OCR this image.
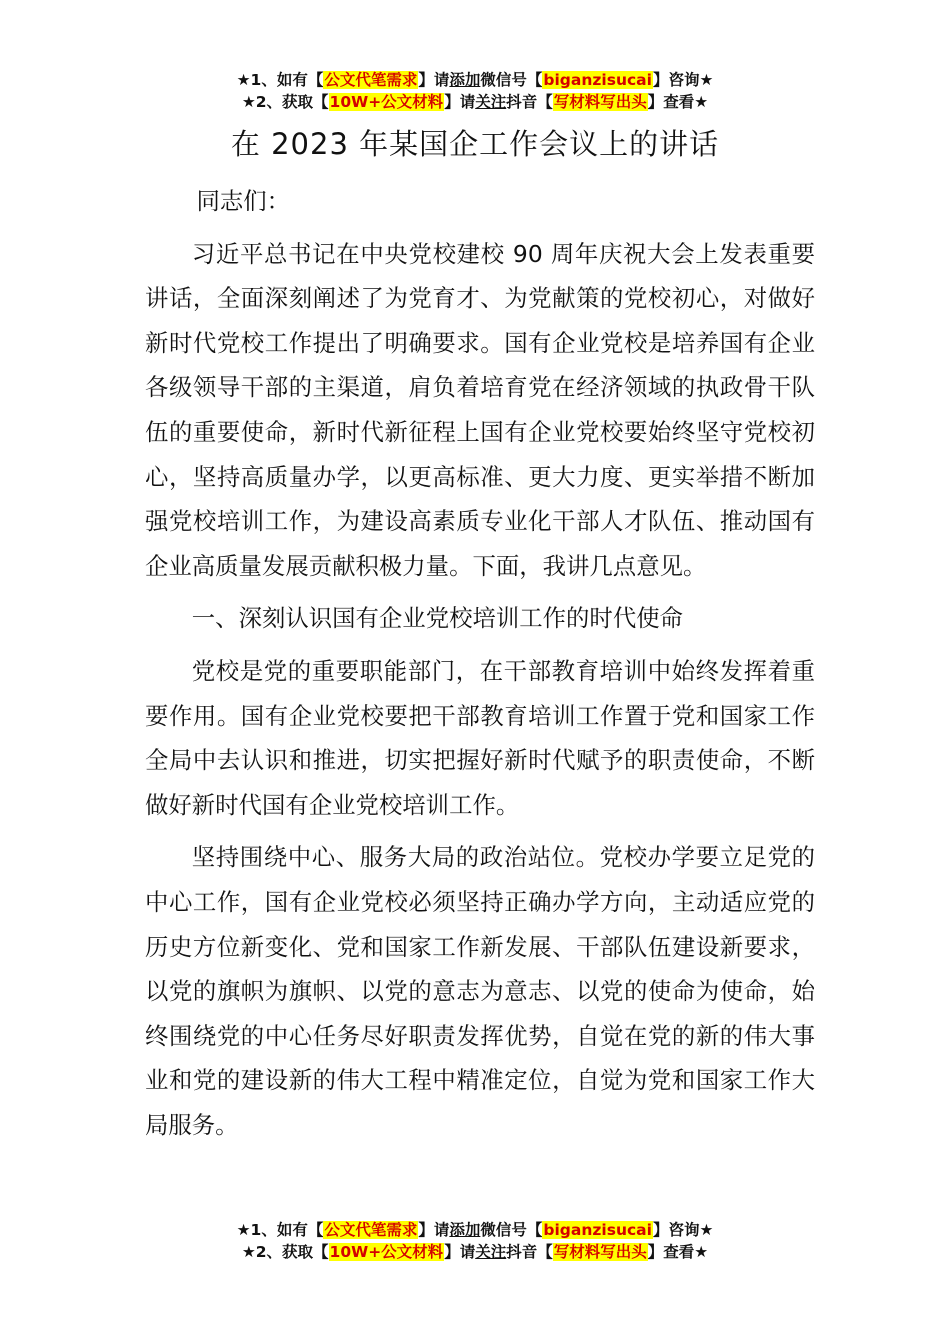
★1、如有【公文代笔需求】请添加微信号【biganzisucai】咨询★
★2、获取【10W+公文材料】请关注抖音【写材料写出头】查看★
在 2023 年某国企工作会议上的讲话

同志们：

习近平总书记在中央党校建校 90 周年庆祝大会上发表重要讲话，全面深刻阐述了为党育才、为党献策的党校初心，对做好新时代党校工作提出了明确要求。国有企业党校是培养国有企业各级领导干部的主渠道，肩负着培育党在经济领域的执政骨干队伍的重要使命，新时代新征程上国有企业党校要始终坚守党校初心，坚持高质量办学，以更高标准、更大力度、更实举措不断加强党校培训工作，为建设高素质专业化干部人才队伍、推动国有企业高质量发展贡献积极力量。下面，我讲几点意见。

一、深刻认识国有企业党校培训工作的时代使命

党校是党的重要职能部门，在干部教育培训中始终发挥着重要作用。国有企业党校要把干部教育培训工作置于党和国家工作全局中去认识和推进，切实把握好新时代赋予的职责使命，不断做好新时代国有企业党校培训工作。

坚持围绕中心、服务大局的政治站位。党校办学要立足党的中心工作，国有企业党校必须坚持正确办学方向，主动适应党的历史方位新变化、党和国家工作新发展、干部队伍建设新要求，以党的旗帜为旗帜、以党的意志为意志、以党的使命为使命，始终围绕党的中心任务尽好职责发挥优势，自觉在党的新的伟大事业和党的建设新的伟大工程中精准定位，自觉为党和国家工作大局服务。

★1、如有【公文代笔需求】请添加微信号【biganzisucai】咨询★
★2、获取【10W+公文材料】请关注抖音【写材料写出头】查看★
